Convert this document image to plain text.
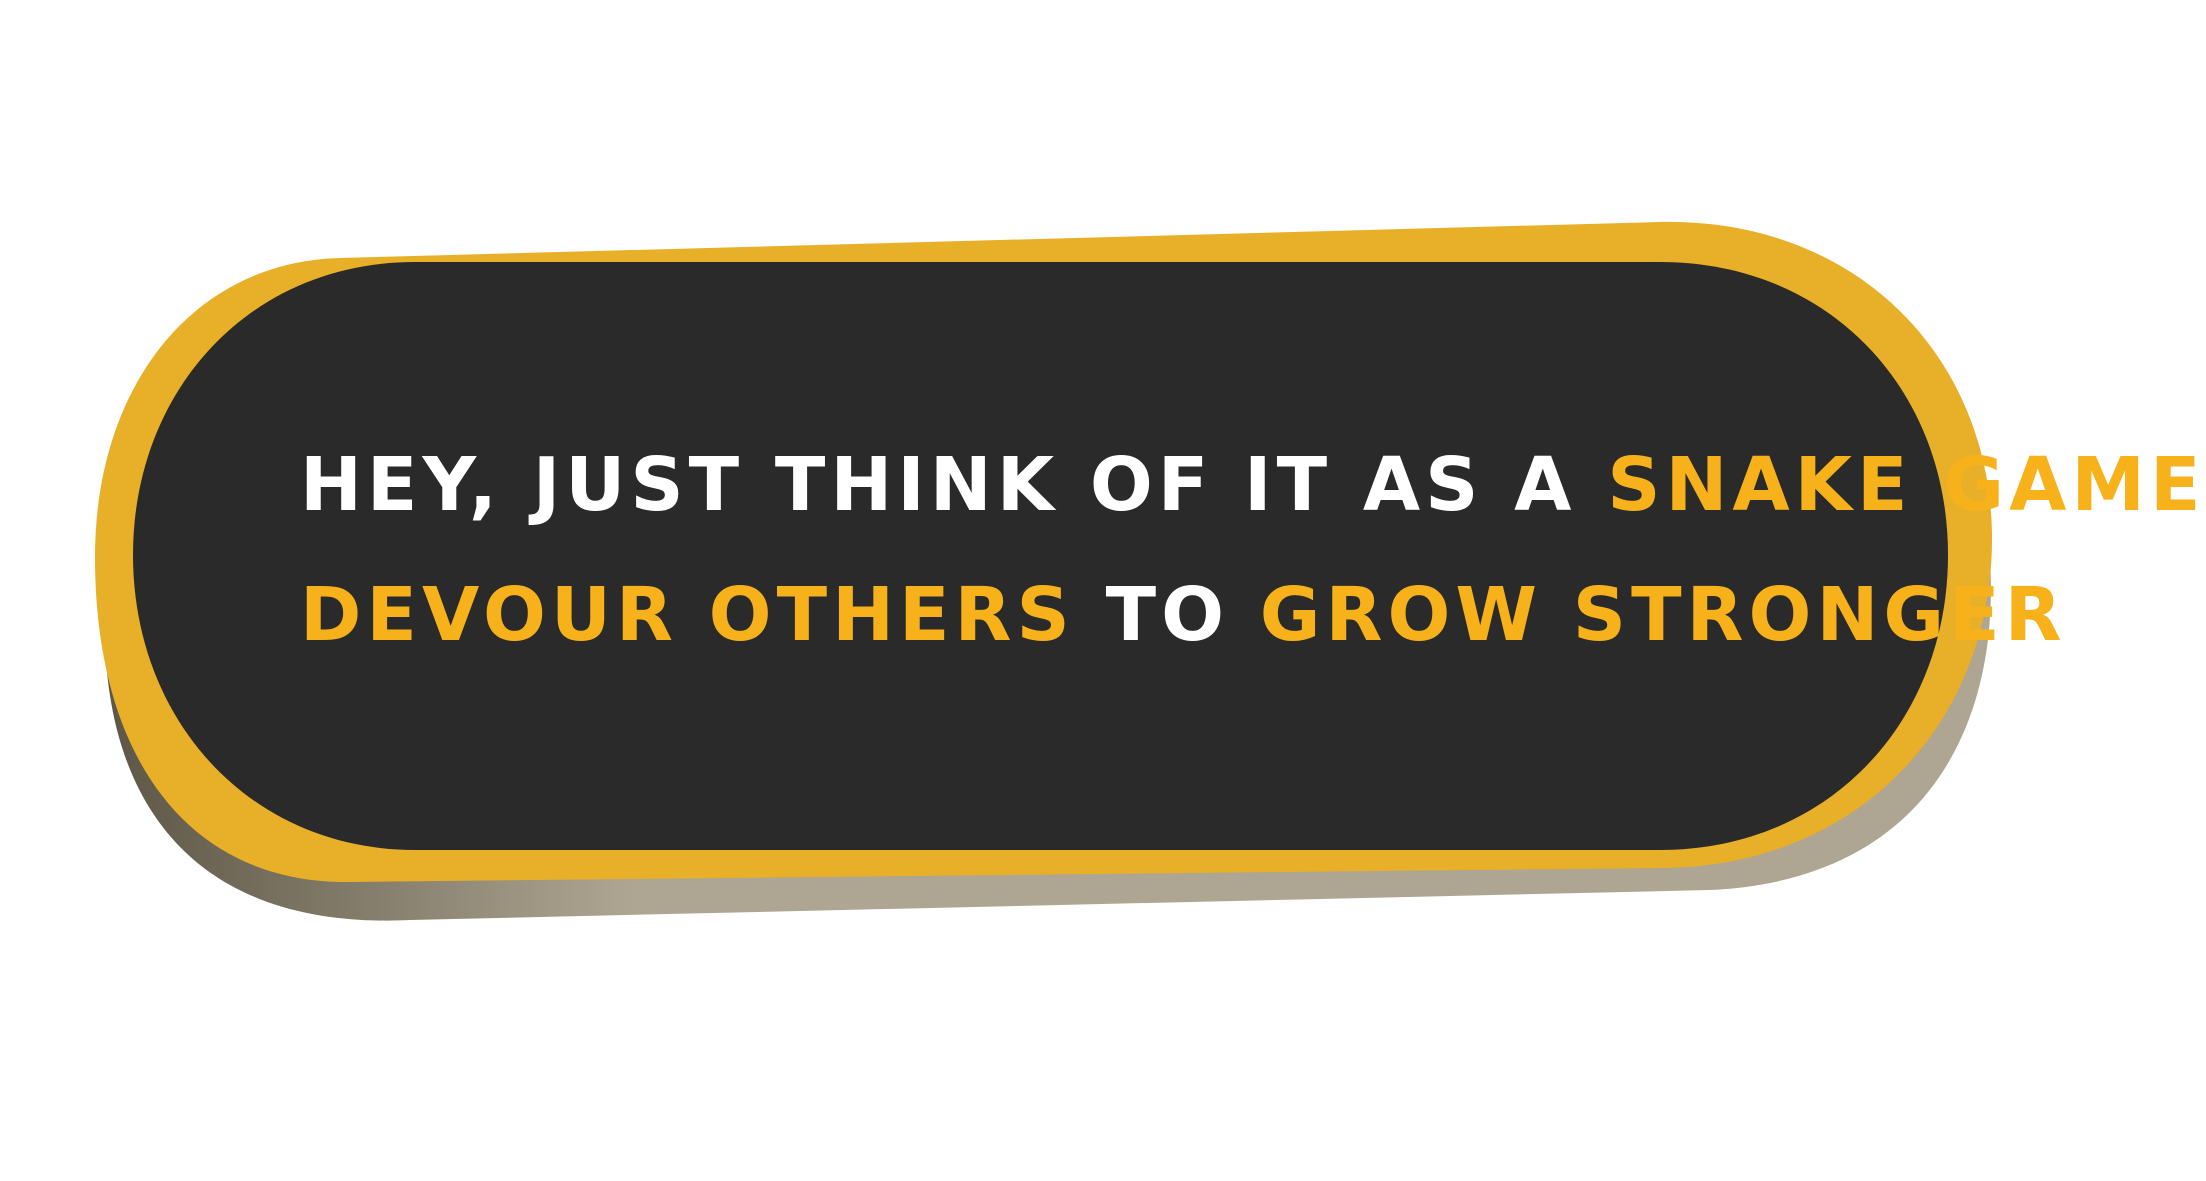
HEY, JUST THINK OF IT AS A SNAKE GAME
DEVOUR OTHERS TO GROW STRONGER
